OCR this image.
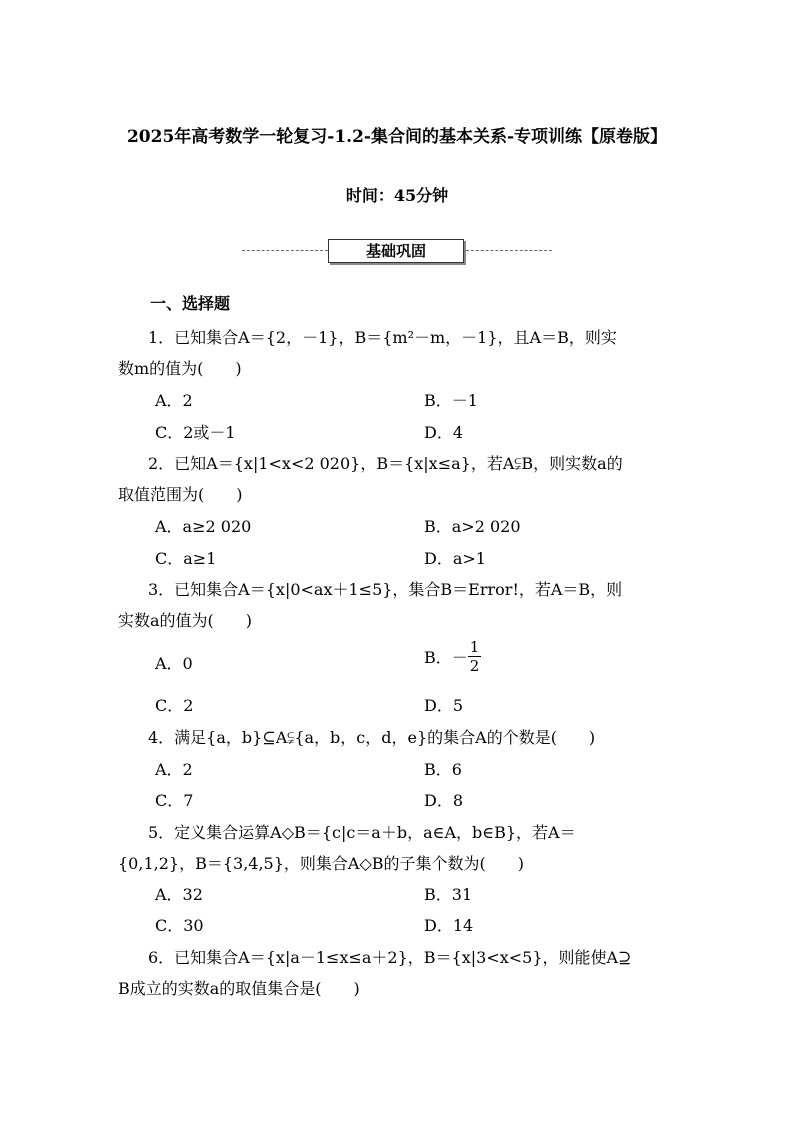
2025年高考数学一轮复习-1.2-集合间的基本关系-专项训练【原卷版】
时间：45分钟
基础巩固
一、选择题
1．已知集合A＝{2，－1}，B＝{m²－m，－1}，且A＝B，则实
数m的值为(　　)
A．2	B．－1
C．2或－1	D．4
2．已知A＝{x|1<x<2 020}，B＝{x|x≤a}，若A⫋B，则实数a的
取值范围为(　　)
A．a≥2 020	B．a>2 020
C．a≥1	D．a>1
3．已知集合A＝{x|0<ax＋1≤5}，集合B＝Error!，若A＝B，则
实数a的值为(　　)
A．0	B．－ $\frac{1}{2}$
C．2	D．5
4．满足{a，b}⊆A⫋{a，b，c，d，e}的集合A的个数是(　　)
A．2	B．6
C．7	D．8
5．定义集合运算A◇B＝{c|c＝a＋b，a∈A，b∈B}，若A＝
{0,1,2}，B＝{3,4,5}，则集合A◇B的子集个数为(　　)
A．32	B．31
C．30	D．14
6．已知集合A＝{x|a－1≤x≤a＋2}，B＝{x|3<x<5}，则能使A⊇
B成立的实数a的取值集合是(　　)
